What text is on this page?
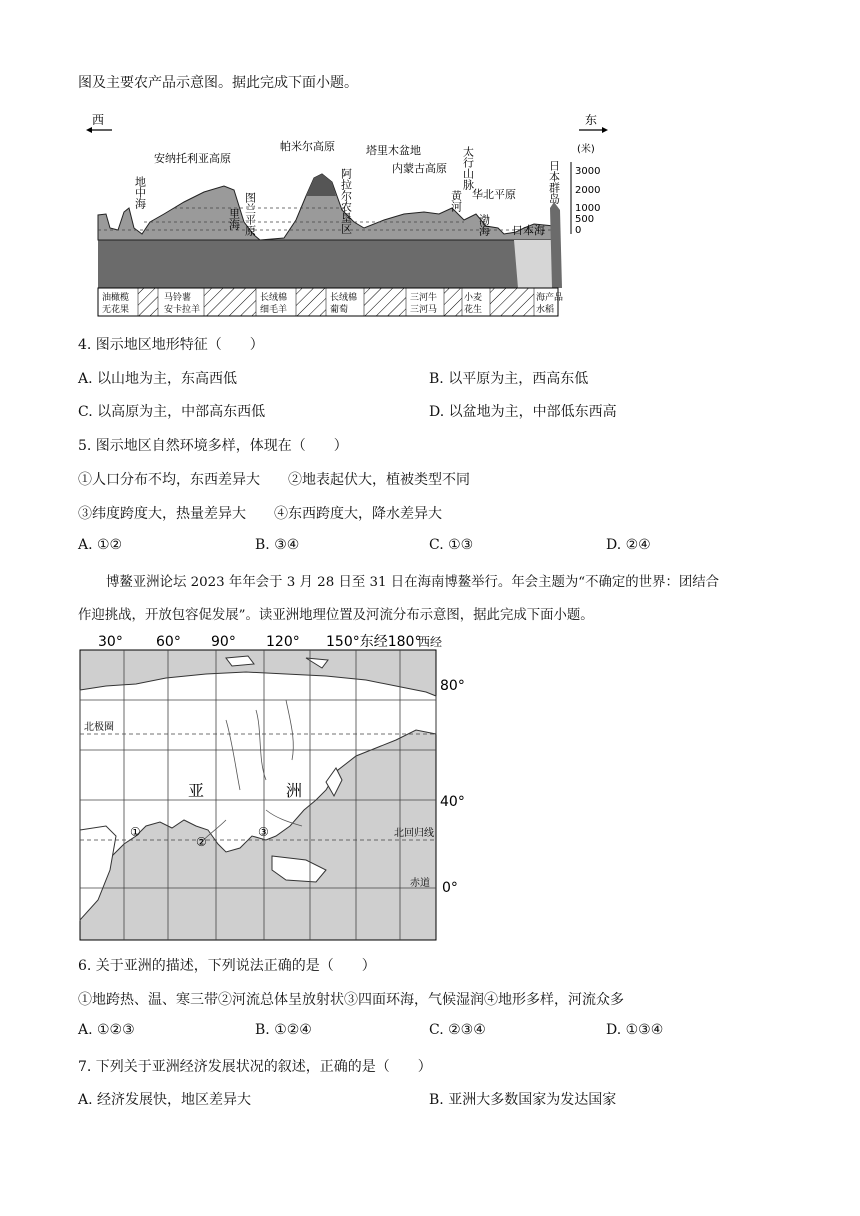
图及主要农产品示意图。据此完成下面小题。
西	东
(米)
3000
2000
1000
500
0
安纳托利亚高原
帕米尔高原	塔里木盆地
地中海	图兰平原
里海	阿拉尔农垦区	内蒙古高原 太行山脉
黄河 华北平原
渤海 日本海
日本群岛
油橄榄
无花果
马铃薯
安卡拉羊
长绒棉
细毛羊
长绒棉
葡萄
三河牛
三河马
小麦
花生
海产品
水稻
4. 图示地区地形特征（　　）
A. 以山地为主，东高西低	B. 以平原为主，西高东低
C. 以高原为主，中部高东西低	D. 以盆地为主，中部低东西高
5. 图示地区自然环境多样，体现在（　　）
①人口分布不均，东西差异大　　②地表起伏大，植被类型不同
③纬度跨度大，热量差异大　　④东西跨度大，降水差异大
A. ①②	B. ③④	C. ①③	D. ②④
博鳌亚洲论坛 2023 年年会于 3 月 28 日至 31 日在海南博鳌举行。年会主题为“不确定的世界：团结合
作迎挑战，开放包容促发展”。读亚洲地理位置及河流分布示意图，据此完成下面小题。
30° 60° 90° 120° 150°东经180°
西经
北极圈
北回归线
赤道
亚	洲
①
②
③
80°
40°
0°
6. 关于亚洲的描述，下列说法正确的是（　　）
①地跨热、温、寒三带②河流总体呈放射状③四面环海，气候湿润④地形多样，河流众多
A. ①②③	B. ①②④	C. ②③④	D. ①③④
7. 下列关于亚洲经济发展状况的叙述，正确的是（　　）
A. 经济发展快，地区差异大	B. 亚洲大多数国家为发达国家
